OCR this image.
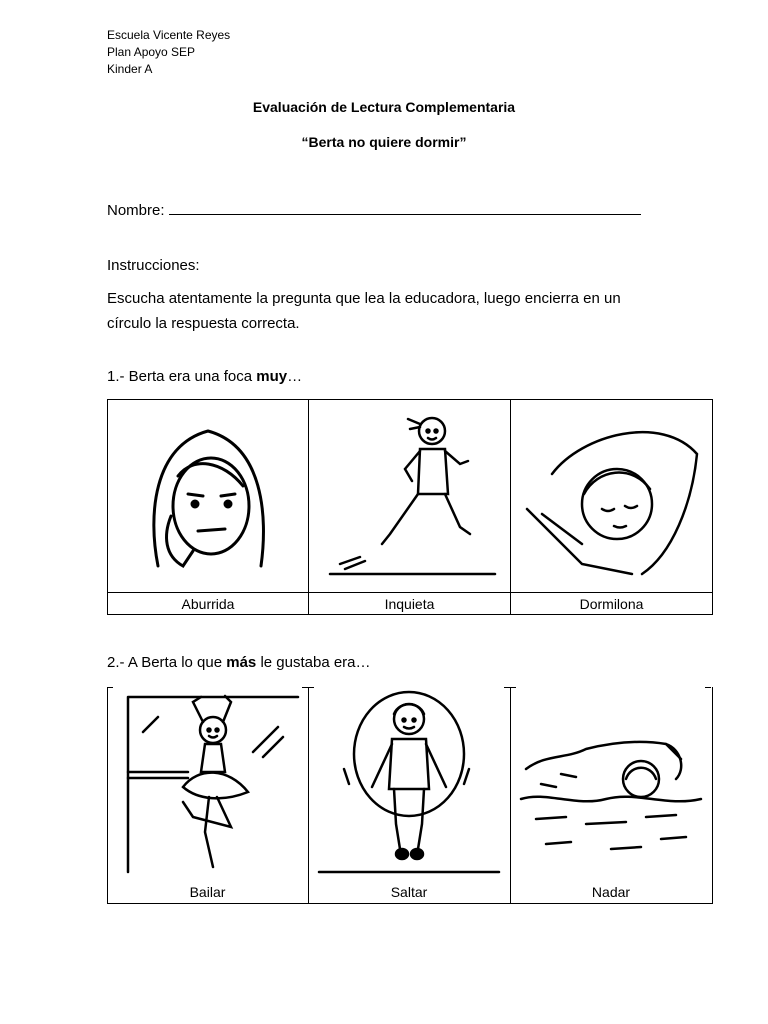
Escuela Vicente Reyes
Plan Apoyo SEP
Kinder A
Evaluación de Lectura Complementaria
“Berta no quiere dormir”
Nombre:
Instrucciones:
Escucha atentamente la pregunta que lea la educadora, luego encierra en un
círculo la respuesta correcta.
1.- Berta era una foca muy…

Aburrida	Inquieta	Dormilona
2.- A Berta lo que más le gustaba era…

Bailar	Saltar	Nadar
